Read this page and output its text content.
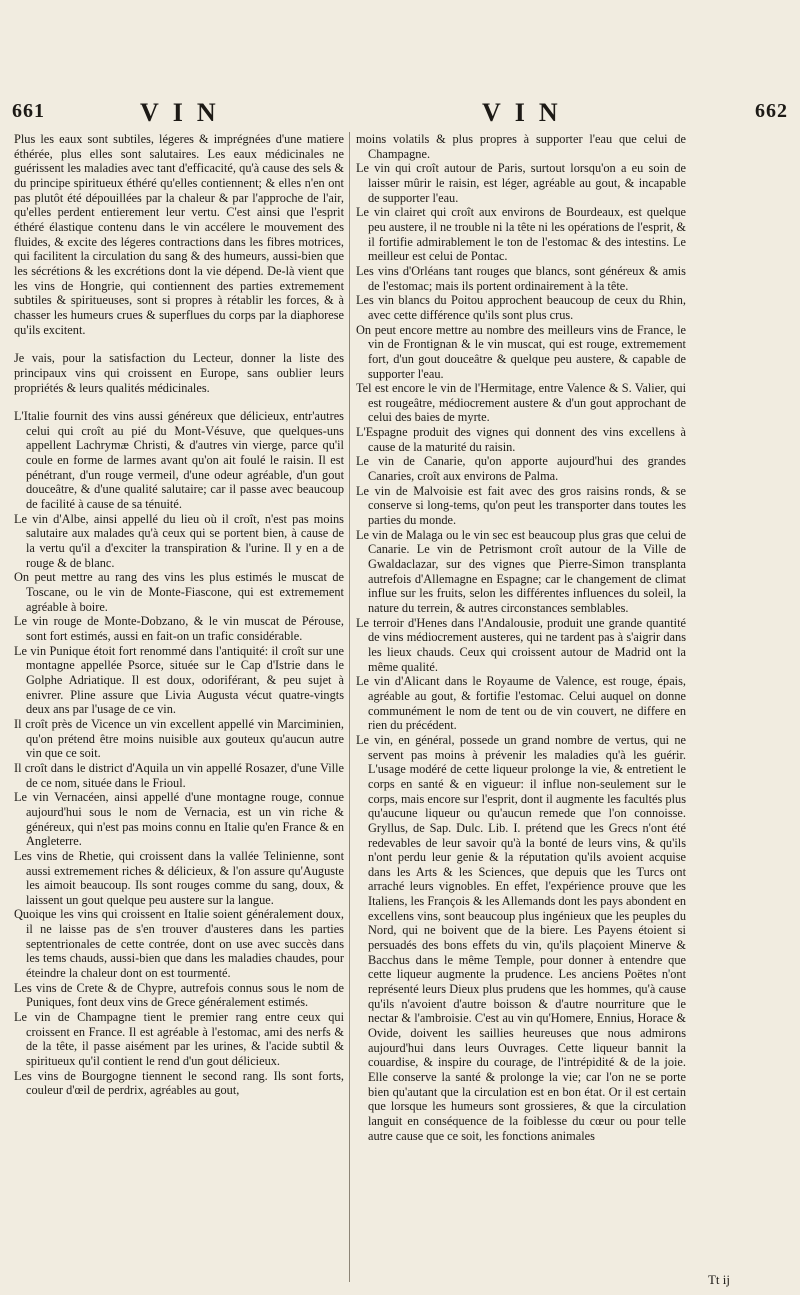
661	VIN	VIN	662

Plus les eaux sont subtiles, légeres & imprégnées d'une matiere éthérée, plus elles sont salutaires. Les eaux médicinales ne guérissent les maladies avec tant d'efficacité, qu'à cause des sels & du principe spiritueux éthéré qu'elles contiennent; & elles n'en ont pas plutôt été dépouillées par la chaleur & par l'approche de l'air, qu'elles perdent entierement leur vertu. C'est ainsi que l'esprit éthéré élastique contenu dans le vin accélere le mouvement des fluides, & excite des légeres contractions dans les fibres motrices, qui facilitent la circulation du sang & des humeurs, aussi-bien que les sécrétions & les excrétions dont la vie dépend. De-là vient que les vins de Hongrie, qui contiennent des parties extremement subtiles & spiritueuses, sont si propres à rétablir les forces, & à chasser les humeurs crues & superflues du corps par la diaphorese qu'ils excitent.

Je vais, pour la satisfaction du Lecteur, donner la liste des principaux vins qui croissent en Europe, sans oublier leurs propriétés & leurs qualités médicinales.

L'Italie fournit des vins aussi généreux que délicieux, entr'autres celui qui croît au pié du Mont-Vésuve, que quelques-uns appellent Lachrymæ Christi, & d'autres vin vierge, parce qu'il coule en forme de larmes avant qu'on ait foulé le raisin. Il est pénétrant, d'un rouge vermeil, d'une odeur agréable, d'un gout douceâtre, & d'une qualité salutaire; car il passe avec beaucoup de facilité à cause de sa ténuité.

Le vin d'Albe, ainsi appellé du lieu où il croît, n'est pas moins salutaire aux malades qu'à ceux qui se portent bien, à cause de la vertu qu'il a d'exciter la transpiration & l'urine. Il y en a de rouge & de blanc.

On peut mettre au rang des vins les plus estimés le muscat de Toscane, ou le vin de Monte-Fiascone, qui est extremement agréable à boire.

Le vin rouge de Monte-Dobzano, & le vin muscat de Pérouse, sont fort estimés, aussi en fait-on un trafic considérable.

Le vin Punique étoit fort renommé dans l'antiquité: il croît sur une montagne appellée Psorce, située sur le Cap d'Istrie dans le Golphe Adriatique. Il est doux, odoriférant, & peu sujet à enivrer. Pline assure que Livia Augusta vécut quatre-vingts deux ans par l'usage de ce vin.

Il croît près de Vicence un vin excellent appellé vin Marciminien, qu'on prétend être moins nuisible aux gouteux qu'aucun autre vin que ce soit.

Il croît dans le district d'Aquila un vin appellé Rosazer, d'une Ville de ce nom, située dans le Frioul.

Le vin Vernacéen, ainsi appellé d'une montagne rouge, connue aujourd'hui sous le nom de Vernacia, est un vin riche & généreux, qui n'est pas moins connu en Italie qu'en France & en Angleterre.

Les vins de Rhetie, qui croissent dans la vallée Telinienne, sont aussi extremement riches & délicieux, & l'on assure qu'Auguste les aimoit beaucoup. Ils sont rouges comme du sang, doux, & laissent un gout quelque peu austere sur la langue.

Quoique les vins qui croissent en Italie soient généralement doux, il ne laisse pas de s'en trouver d'austeres dans les parties septentrionales de cette contrée, dont on use avec succès dans les tems chauds, aussi-bien que dans les maladies chaudes, pour éteindre la chaleur dont on est tourmenté.

Les vins de Crete & de Chypre, autrefois connus sous le nom de Puniques, font deux vins de Grece généralement estimés.

Le vin de Champagne tient le premier rang entre ceux qui croissent en France. Il est agréable à l'estomac, ami des nerfs & de la tête, il passe aisément par les urines, & l'acide subtil & spiritueux qu'il contient le rend d'un gout délicieux.

Les vins de Bourgogne tiennent le second rang. Ils sont forts, couleur d'œil de perdrix, agréables au gout,

moins volatils & plus propres à supporter l'eau que celui de Champagne.

Le vin qui croît autour de Paris, surtout lorsqu'on a eu soin de laisser mûrir le raisin, est léger, agréable au gout, & incapable de supporter l'eau.

Le vin clairet qui croît aux environs de Bourdeaux, est quelque peu austere, il ne trouble ni la tête ni les opérations de l'esprit, & il fortifie admirablement le ton de l'estomac & des intestins. Le meilleur est celui de Pontac.

Les vins d'Orléans tant rouges que blancs, sont généreux & amis de l'estomac; mais ils portent ordinairement à la tête.

Les vin blancs du Poitou approchent beaucoup de ceux du Rhin, avec cette différence qu'ils sont plus crus.

On peut encore mettre au nombre des meilleurs vins de France, le vin de Frontignan & le vin muscat, qui est rouge, extremement fort, d'un gout douceâtre & quelque peu austere, & capable de supporter l'eau.

Tel est encore le vin de l'Hermitage, entre Valence & S. Valier, qui est rougeâtre, médiocrement austere & d'un gout approchant de celui des baies de myrte.

L'Espagne produit des vignes qui donnent des vins excellens à cause de la maturité du raisin.

Le vin de Canarie, qu'on apporte aujourd'hui des grandes Canaries, croît aux environs de Palma.

Le vin de Malvoisie est fait avec des gros raisins ronds, & se conserve si long-tems, qu'on peut les transporter dans toutes les parties du monde.

Le vin de Malaga ou le vin sec est beaucoup plus gras que celui de Canarie. Le vin de Petrismont croît autour de la Ville de Gwaldaclazar, sur des vignes que Pierre-Simon transplanta autrefois d'Allemagne en Espagne; car le changement de climat influe sur les fruits, selon les différentes influences du soleil, la nature du terrein, & autres circonstances semblables.

Le terroir d'Henes dans l'Andalousie, produit une grande quantité de vins médiocrement austeres, qui ne tardent pas à s'aigrir dans les lieux chauds. Ceux qui croissent autour de Madrid ont la même qualité.

Le vin d'Alicant dans le Royaume de Valence, est rouge, épais, agréable au gout, & fortifie l'estomac. Celui auquel on donne communément le nom de tent ou de vin couvert, ne differe en rien du précédent.

Le vin, en général, possede un grand nombre de vertus, qui ne servent pas moins à prévenir les maladies qu'à les guérir. L'usage modéré de cette liqueur prolonge la vie, & entretient le corps en santé & en vigueur: il influe non-seulement sur le corps, mais encore sur l'esprit, dont il augmente les facultés plus qu'aucune liqueur ou qu'aucun remede que l'on connoisse. Gryllus, de Sap. Dulc. Lib. I. prétend que les Grecs n'ont été redevables de leur savoir qu'à la bonté de leurs vins, & qu'ils n'ont perdu leur genie & la réputation qu'ils avoient acquise dans les Arts & les Sciences, que depuis que les Turcs ont arraché leurs vignobles. En effet, l'expérience prouve que les Italiens, les François & les Allemands dont les pays abondent en excellens vins, sont beaucoup plus ingénieux que les peuples du Nord, qui ne boivent que de la biere. Les Payens étoient si persuadés des bons effets du vin, qu'ils plaçoient Minerve & Bacchus dans le même Temple, pour donner à entendre que cette liqueur augmente la prudence. Les anciens Poëtes n'ont représenté leurs Dieux plus prudens que les hommes, qu'à cause qu'ils n'avoient d'autre boisson & d'autre nourriture que le nectar & l'ambroisie. C'est au vin qu'Homere, Ennius, Horace & Ovide, doivent les saillies heureuses que nous admirons aujourd'hui dans leurs Ouvrages. Cette liqueur bannit la couardise, & inspire du courage, de l'intrépidité & de la joie. Elle conserve la santé & prolonge la vie; car l'on ne se porte bien qu'autant que la circulation est en bon état. Or il est certain que lorsque les humeurs sont grossieres, & que la circulation languit en conséquence de la foiblesse du cœur ou pour telle autre cause que ce soit, les fonctions animales

Tt ij
